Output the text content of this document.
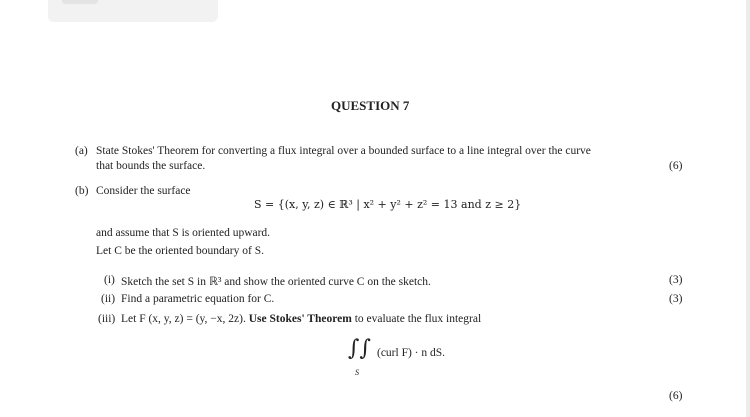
QUESTION 7
(a) State Stokes' Theorem for converting a flux integral over a bounded surface to a line integral over the curve
that bounds the surface.	(6)
(b) Consider the surface
S = {(x, y, z) ∈ ℝ³ | x² + y² + z² = 13 and z ≥ 2}
and assume that S is oriented upward.
Let C be the oriented boundary of S.
(i) Sketch the set S in ℝ³ and show the oriented curve C on the sketch.	(3)
(ii) Find a parametric equation for C.	(3)
(iii) Let F (x, y, z) = (y, −x, 2z). Use Stokes' Theorem to evaluate the flux integral
∫∫
S
(curl F) · n dS.
(6)
